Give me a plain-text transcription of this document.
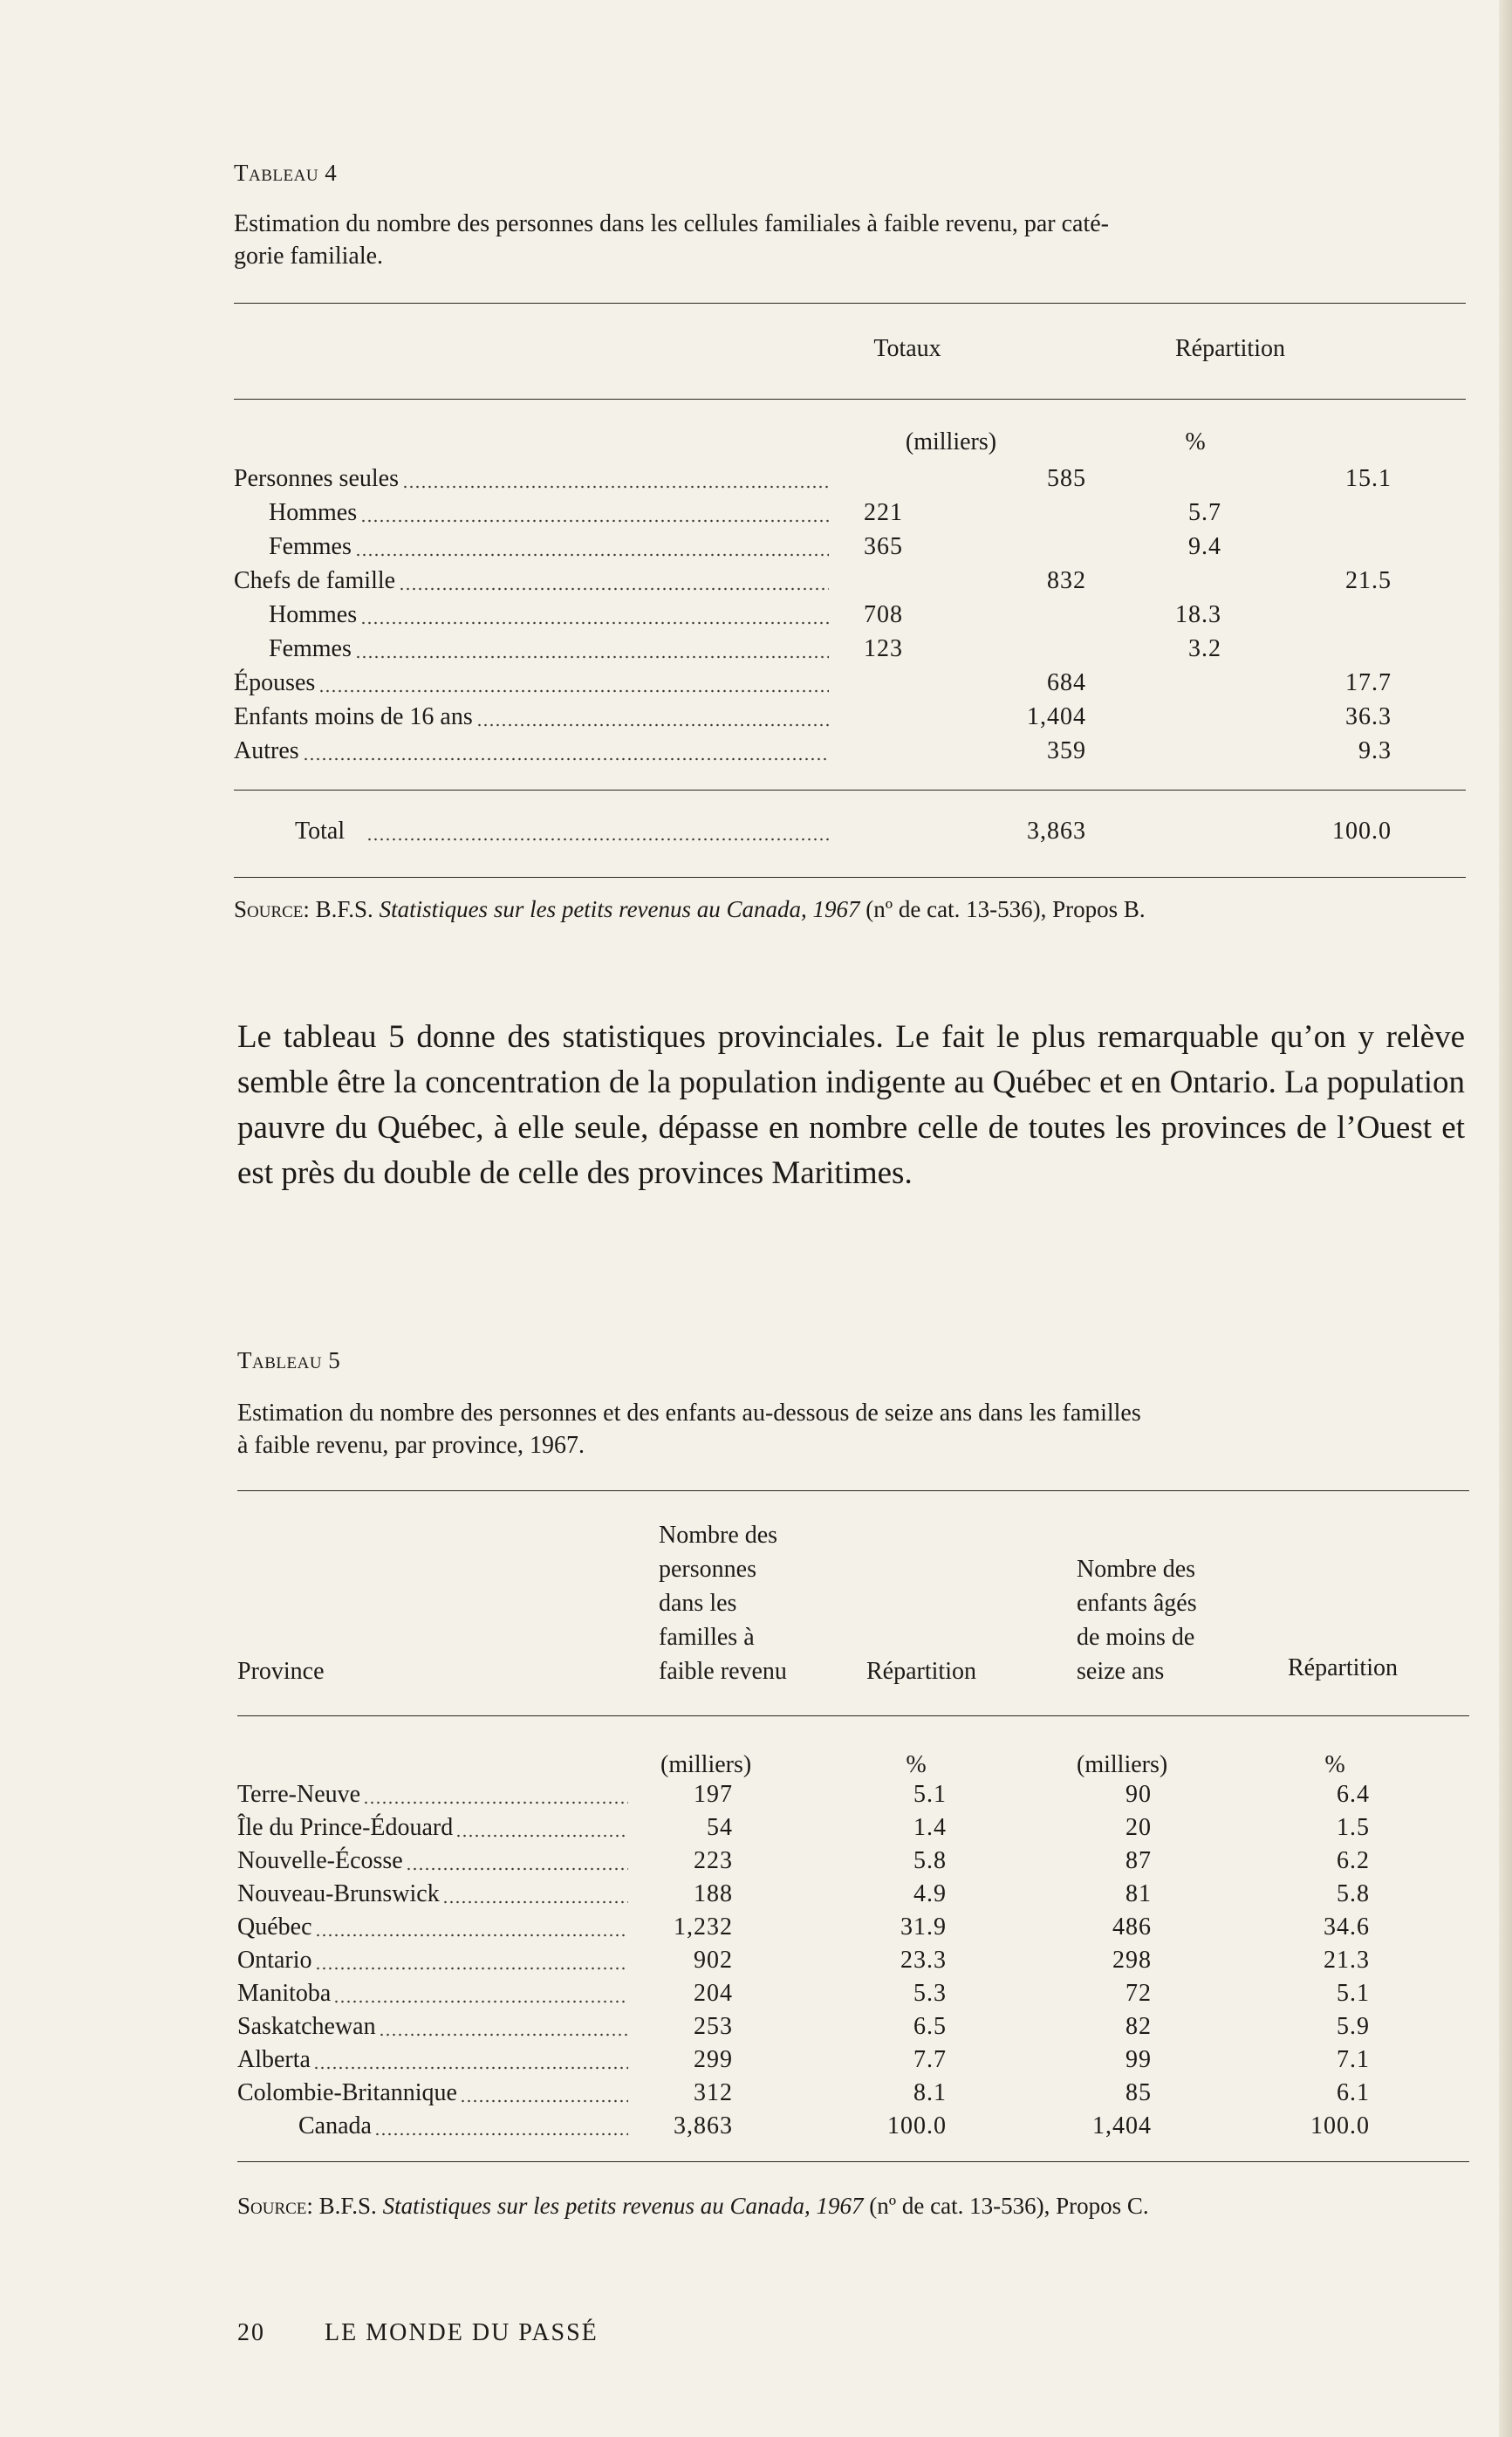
Tableau 4
Estimation du nombre des personnes dans les cellules familiales à faible revenu, par caté-
gorie familiale.
Totaux	Répartition
(milliers)	%
Personnes seules	585	15.1
Hommes	221	5.7
Femmes	365	9.4
Chefs de famille	832	21.5
Hommes	708	18.3
Femmes	123	3.2
Épouses	684	17.7
Enfants moins de 16 ans	1,404	36.3
Autres	359	9.3
Total	3,863	100.0
Source: B.F.S. Statistiques sur les petits revenus au Canada, 1967 (nº de cat. 13-536), Propos B.
Le tableau 5 donne des statistiques provinciales. Le fait le plus remarquable qu’on y relève semble être la concentration de la population indigente au Québec et en Ontario. La population pauvre du Québec, à elle seule, dépasse en nombre celle de toutes les provinces de l’Ouest et est près du double de celle des provinces Maritimes.
Tableau 5
Estimation du nombre des personnes et des enfants au-dessous de seize ans dans les familles
à faible revenu, par province, 1967.
Province
Nombre des
personnes
dans les
familles à
faible revenu	Répartition
Nombre des
enfants âgés
de moins de
seize ans	Répartition
(milliers)	%	(milliers)	%
Terre-Neuve	197	5.1	90	6.4
Île du Prince-Édouard	54	1.4	20	1.5
Nouvelle-Écosse	223	5.8	87	6.2
Nouveau-Brunswick	188	4.9	81	5.8
Québec	1,232	31.9	486	34.6
Ontario	902	23.3	298	21.3
Manitoba	204	5.3	72	5.1
Saskatchewan	253	6.5	82	5.9
Alberta	299	7.7	99	7.1
Colombie-Britannique	312	8.1	85	6.1
Canada	3,863	100.0	1,404	100.0
Source: B.F.S. Statistiques sur les petits revenus au Canada, 1967 (nº de cat. 13-536), Propos C.
20 LE MONDE DU PASSÉ
